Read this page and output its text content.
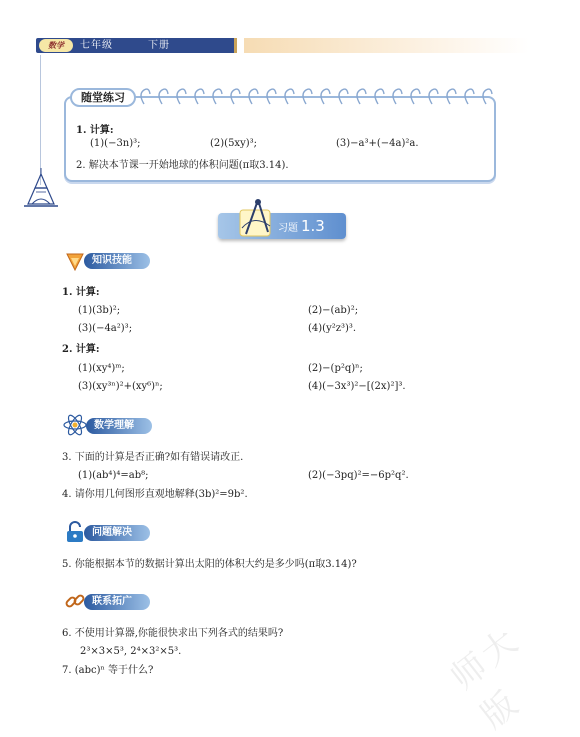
数学	七年级	下册
随堂练习
1. 计算:
(1)(−3n)³;	(2)(5xy)³;	(3)−a³+(−4a)²a.
2. 解决本节课一开始地球的体积问题(π取3.14).
习题 1.3
知识技能
1. 计算:
(1)(3b)²;	(2)−(ab)²;
(3)(−4a²)³;	(4)(y²z³)³.
2. 计算:
(1)(xy⁴)ᵐ;	(2)−(p²q)ⁿ;
(3)(xy³ⁿ)²+(xy⁶)ⁿ;	(4)(−3x³)²−[(2x)²]³.
数学理解
3. 下面的计算是否正确?如有错误请改正.
(1)(ab⁴)⁴=ab⁸;	(2)(−3pq)²=−6p²q².
4. 请你用几何图形直观地解释(3b)²=9b².
问题解决
5. 你能根据本节的数据计算出太阳的体积大约是多少吗(π取3.14)?
联系拓广
6. 不使用计算器,你能很快求出下列各式的结果吗?
2³×3×5³, 2⁴×3²×5³.
7. (abc)ⁿ 等于什么?	师大版
